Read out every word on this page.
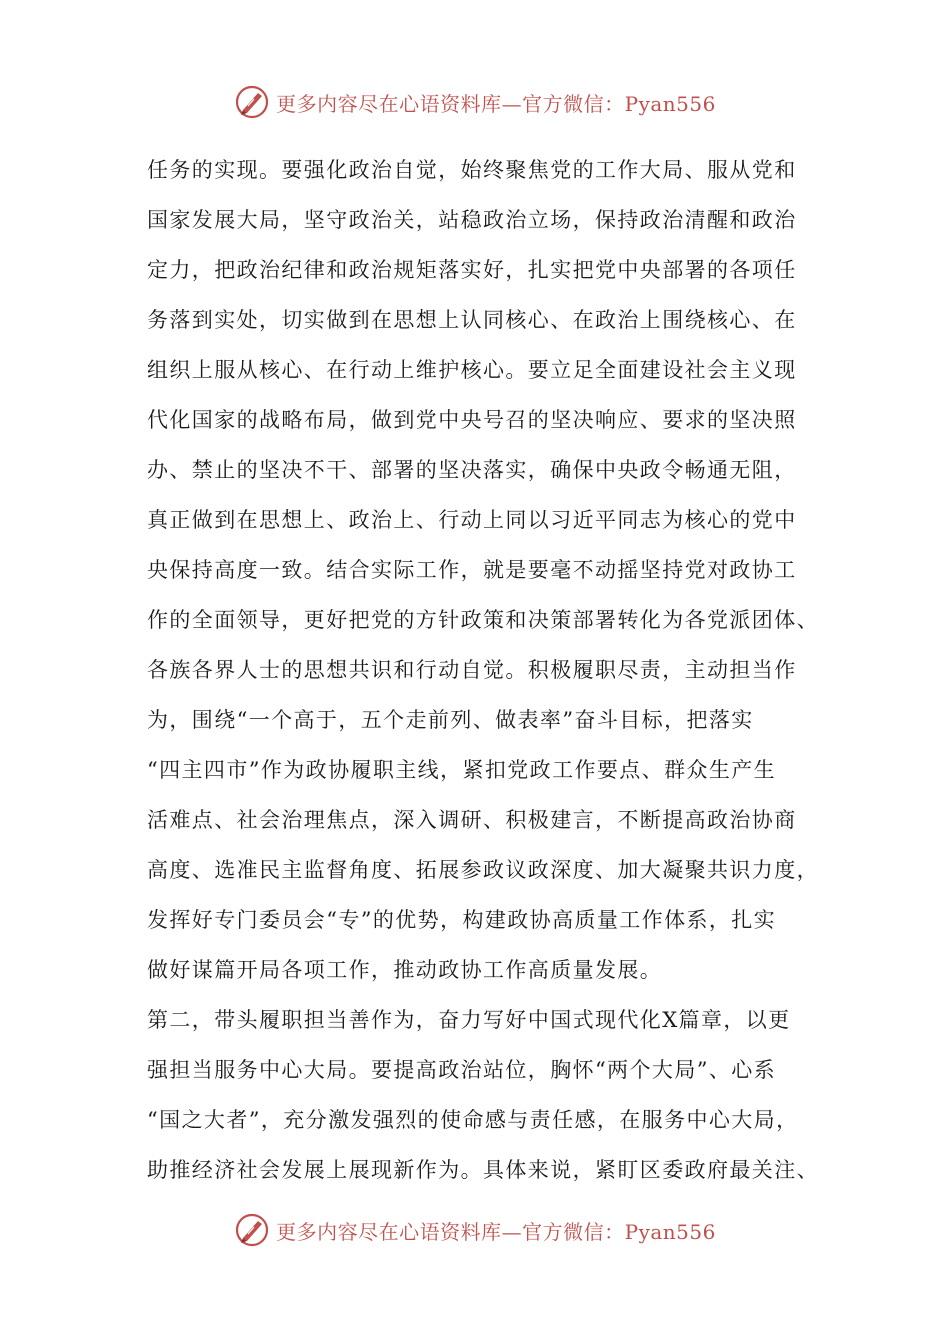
更多内容尽在心语资料库—官方微信：Pyan556
任务的实现。要强化政治自觉，始终聚焦党的工作大局、服从党和
国家发展大局，坚守政治关，站稳政治立场，保持政治清醒和政治
定力，把政治纪律和政治规矩落实好，扎实把党中央部署的各项任
务落到实处，切实做到在思想上认同核心、在政治上围绕核心、在
组织上服从核心、在行动上维护核心。要立足全面建设社会主义现
代化国家的战略布局，做到党中央号召的坚决响应、要求的坚决照
办、禁止的坚决不干、部署的坚决落实，确保中央政令畅通无阻，
真正做到在思想上、政治上、行动上同以习近平同志为核心的党中
央保持高度一致。结合实际工作，就是要毫不动摇坚持党对政协工
作的全面领导，更好把党的方针政策和决策部署转化为各党派团体、
各族各界人士的思想共识和行动自觉。积极履职尽责，主动担当作
为，围绕“一个高于，五个走前列、做表率”奋斗目标，把落实
“四主四市”作为政协履职主线，紧扣党政工作要点、群众生产生
活难点、社会治理焦点，深入调研、积极建言，不断提高政治协商
高度、选准民主监督角度、拓展参政议政深度、加大凝聚共识力度，
发挥好专门委员会“专”的优势，构建政协高质量工作体系，扎实
做好谋篇开局各项工作，推动政协工作高质量发展。
第二，带头履职担当善作为，奋力写好中国式现代化X篇章，以更
强担当服务中心大局。要提高政治站位，胸怀“两个大局”、心系
“国之大者”，充分激发强烈的使命感与责任感，在服务中心大局，
助推经济社会发展上展现新作为。具体来说，紧盯区委政府最关注、
更多内容尽在心语资料库—官方微信：Pyan556
